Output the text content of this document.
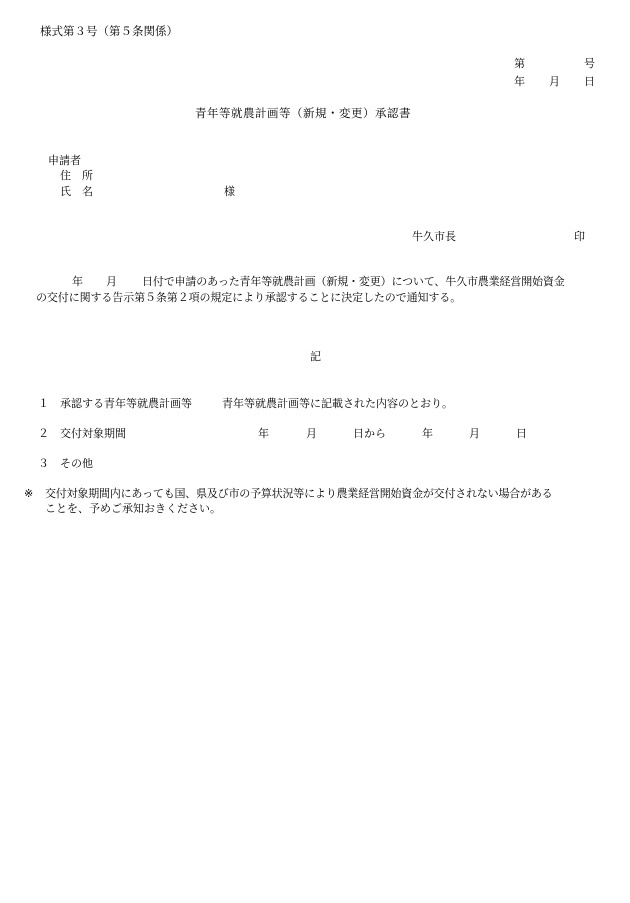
様式第３号（第５条関係）
第	号
年 月 日
青年等就農計画等（新規・変更）承認書
申請者
住　所
氏　名	様
牛久市長	印
年 月 日付で申請のあった青年等就農計画（新規・変更）について、牛久市農業経営開始資金
の交付に関する告示第５条第２項の規定により承認することに決定したので通知する。
記
１ 承認する青年等就農計画等	青年等就農計画等に記載された内容のとおり。
２ 交付対象期間	年	月	日から	年	月	日
３ その他
※ 交付対象期間内にあっても国、県及び市の予算状況等により農業経営開始資金が交付されない場合がある
ことを、予めご承知おきください。
